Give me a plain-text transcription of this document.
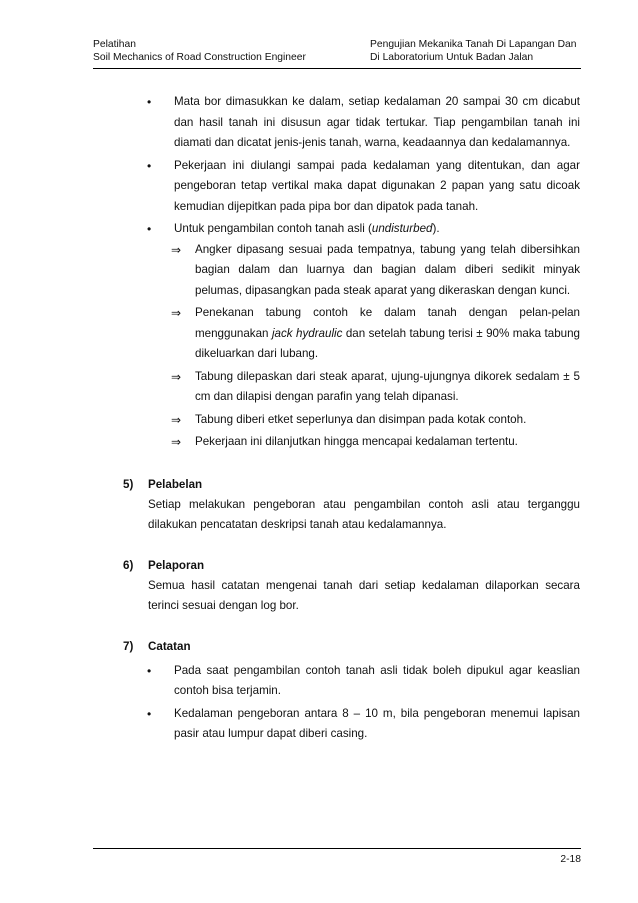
Pelatihan
Soil Mechanics of Road Construction Engineer
Pengujian Mekanika Tanah Di Lapangan Dan
Di Laboratorium Untuk Badan Jalan
•	Mata bor dimasukkan ke dalam, setiap kedalaman 20 sampai 30 cm dicabut dan hasil tanah ini disusun agar tidak tertukar. Tiap pengambilan tanah ini diamati dan dicatat jenis-jenis tanah, warna, keadaannya dan kedalamannya.
•	Pekerjaan ini diulangi sampai pada kedalaman yang ditentukan, dan agar pengeboran tetap vertikal maka dapat digunakan 2 papan yang satu dicoak kemudian dijepitkan pada pipa bor dan dipatok pada tanah.
•	Untuk pengambilan contoh tanah asli (undisturbed).
⇒	Angker dipasang sesuai pada tempatnya, tabung yang telah dibersihkan bagian dalam dan luarnya dan bagian dalam diberi sedikit minyak pelumas, dipasangkan pada steak aparat yang dikeraskan dengan kunci.
⇒	Penekanan tabung contoh ke dalam tanah dengan pelan-pelan menggunakan jack hydraulic dan setelah tabung terisi ± 90% maka tabung dikeluarkan dari lubang.
⇒	Tabung dilepaskan dari steak aparat, ujung-ujungnya dikorek sedalam ± 5 cm dan dilapisi dengan parafin yang telah dipanasi.
⇒	Tabung diberi etket seperlunya dan disimpan pada kotak contoh.
⇒	Pekerjaan ini dilanjutkan hingga mencapai kedalaman tertentu.
5) Pelabelan
Setiap melakukan pengeboran atau pengambilan contoh asli atau terganggu dilakukan pencatatan deskripsi tanah atau kedalamannya.
6) Pelaporan
Semua hasil catatan mengenai tanah dari setiap kedalaman dilaporkan secara terinci sesuai dengan log bor.
7) Catatan
•	Pada saat pengambilan contoh tanah asli tidak boleh dipukul agar keaslian contoh bisa terjamin.
•	Kedalaman pengeboran antara 8 – 10 m, bila pengeboran menemui lapisan pasir atau lumpur dapat diberi casing.
2-18
